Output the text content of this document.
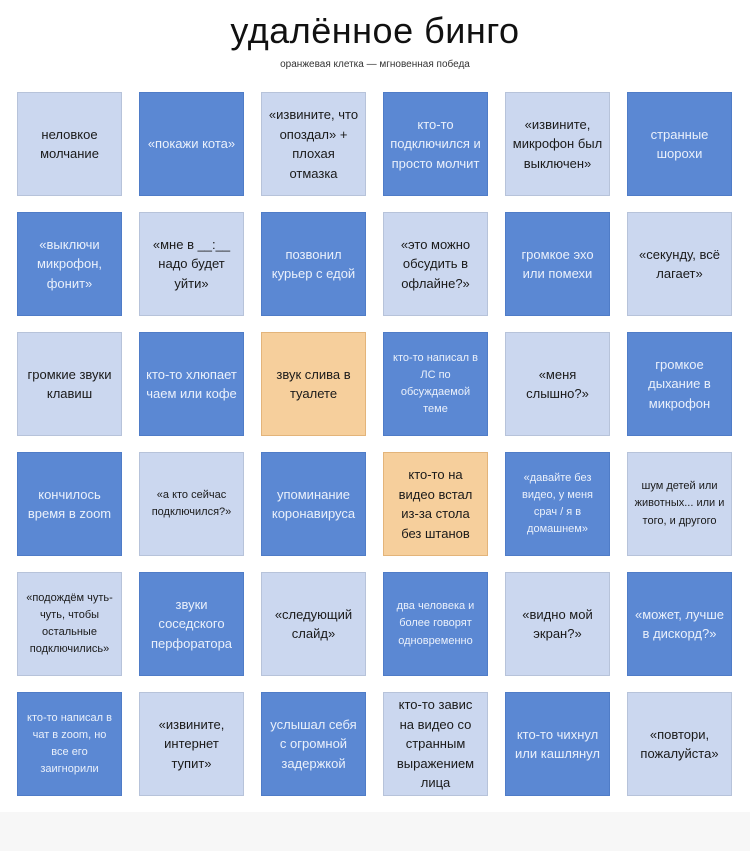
удалённое бинго
оранжевая клетка — мгновенная победа
неловкое молчание
«покажи кота»
«извините, что опоздал» + плохая отмазка
кто-то подключился и просто молчит
«извините, микрофон был выключен»
странные шорохи
«выключи микрофон, фонит»
«мне в __:__ надо будет уйти»
позвонил курьер с едой
«это можно обсудить в офлайне?»
громкое эхо или помехи
«секунду, всё лагает»
громкие звуки клавиш
кто-то хлюпает чаем или кофе
звук слива в туалете
кто-то написал в ЛС по обсуждаемой теме
«меня слышно?»
громкое дыхание в микрофон
кончилось время в zoom
«а кто сейчас подключился?»
упоминание коронавируса
кто-то на видео встал из-за стола без штанов
«давайте без видео, у меня срач / я в домашнем»
шум детей или животных... или и того, и другого
«подождём чуть-чуть, чтобы остальные подключились»
звуки соседского перфоратора
«следующий слайд»
два человека и более говорят одновременно
«видно мой экран?»
«может, лучше в дискорд?»
кто-то написал в чат в zoom, но все его заигнорили
«извините, интернет тупит»
услышал себя с огромной задержкой
кто-то завис на видео со странным выражением лица
кто-то чихнул или кашлянул
«повтори, пожалуйста»
